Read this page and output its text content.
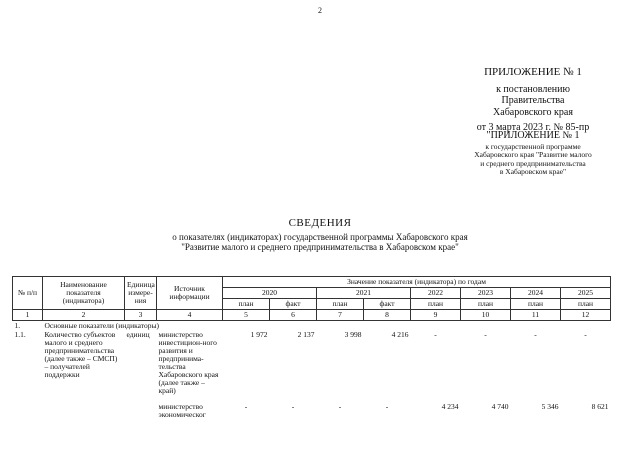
2
ПРИЛОЖЕНИЕ № 1
к постановлению
Правительства
Хабаровского края
от 3 марта 2023 г. № 85-пр
"ПРИЛОЖЕНИЕ № 1
к государственной программе
Хабаровского края "Развитие малого
и среднего предпринимательства
в Хабаровском крае"
СВЕДЕНИЯ
о показателях (индикаторах) государственной программы Хабаровского края
"Развитие малого и среднего предпринимательства в Хабаровском крае"
№ п/п	Наименование показателя (индикатора)	Единица измере-ния	Источник информации	Значение показателя (индикатора) по годам							
				2020		2021		2022	2023	2024	2025
				план	факт	план	факт	план	план	план	план
1	2	3	4	5	6	7	8	9	10	11	12
1.	Основные показатели (индикаторы)										
1.1.	Количество субъектов малого и среднего предпринимательства (далее также – СМСП) – получателей поддержки	единиц	министерство инвестицион-ного развития и предпринима-тельства Хабаровского края (далее также – край)	1 972	2 137	3 998	4 216	-	-	-	-
			министерство экономическог	-	-	-	-	4 234	4 740	5 346	8 621
